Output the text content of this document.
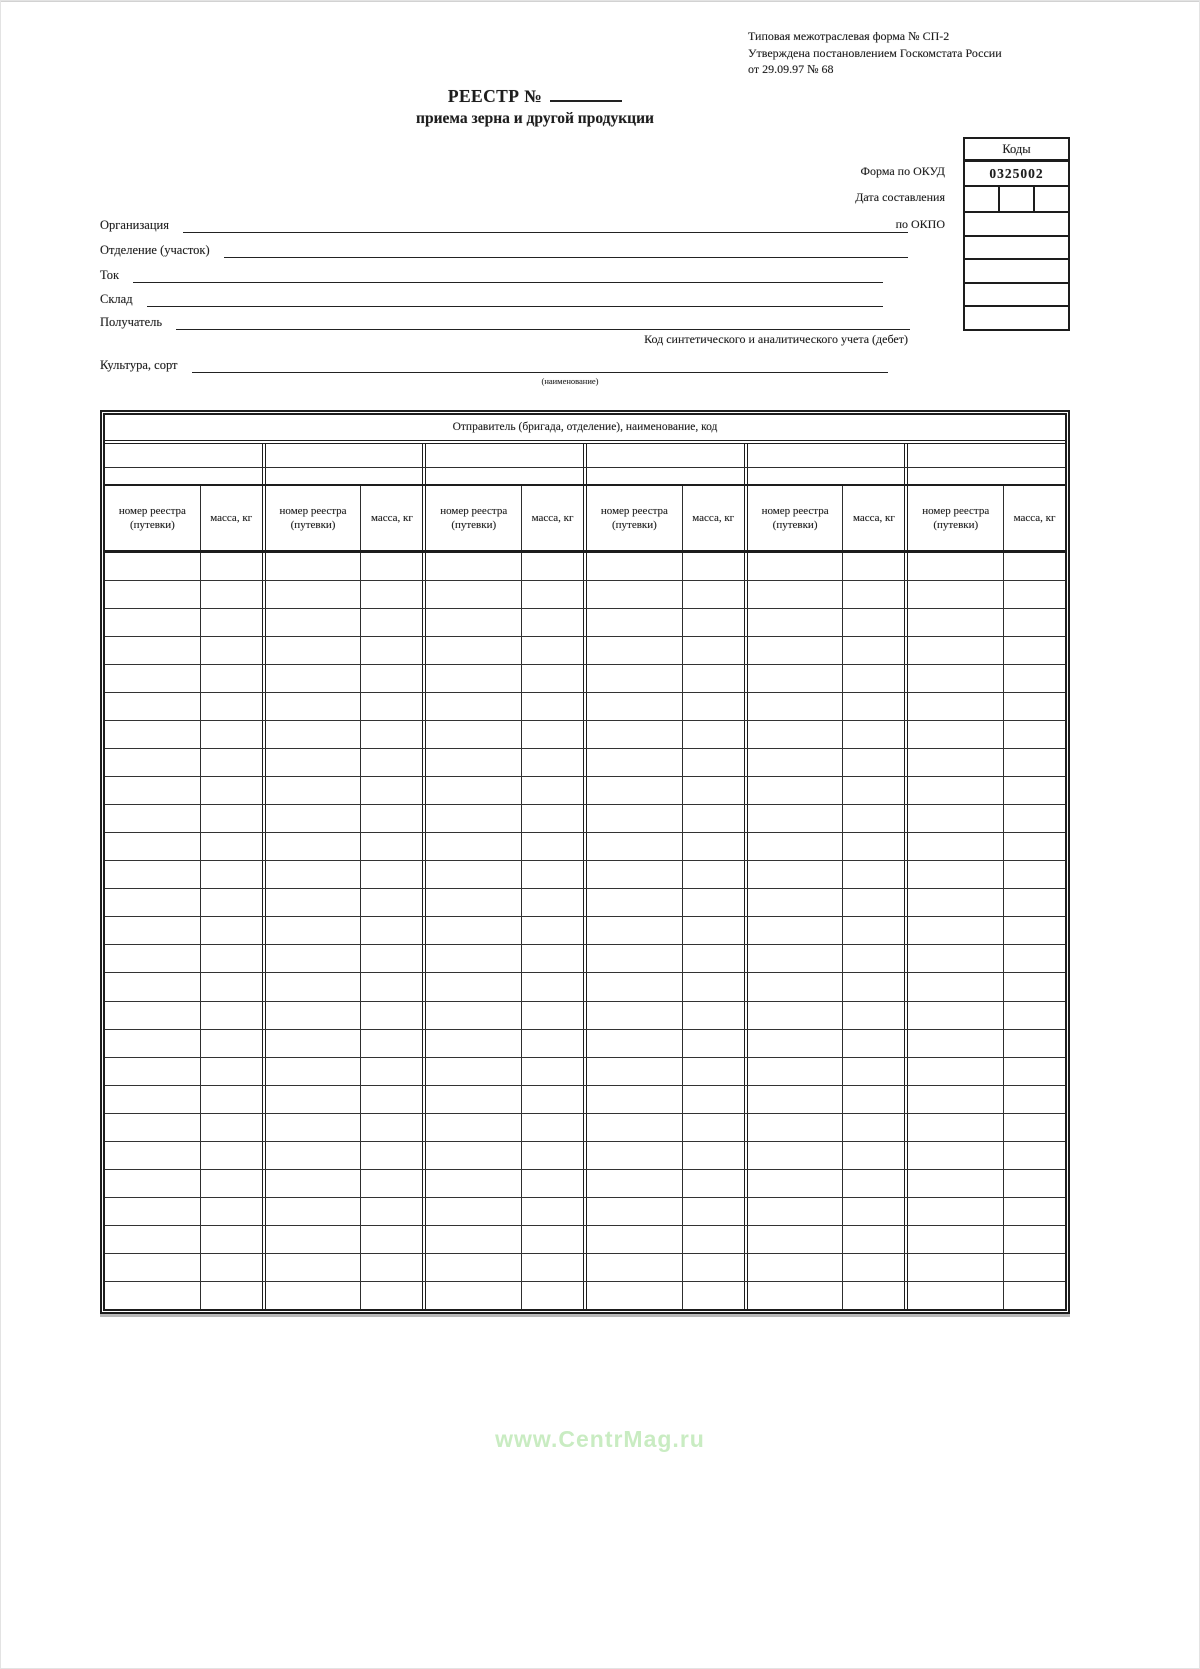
Типовая межотраслевая форма № СП-2
Утверждена постановлением Госкомстата России
от 29.09.97 № 68
РЕЕСТР №
приема зерна и другой продукции
Коды
0325002
Форма по ОКУД
Дата составления
по ОКПО
Организация
Отделение (участок)
Ток
Склад
Получатель
Код синтетического и аналитического учета (дебет)
Культура, сорт
(наименование)
Отправитель (бригада, отделение), наименование, код
номер реестра (путевки)
масса, кг
номер реестра (путевки)
масса, кг
номер реестра (путевки)
масса, кг
номер реестра (путевки)
масса, кг
номер реестра (путевки)
масса, кг
номер реестра (путевки)
масса, кг
www.CentrMag.ru
